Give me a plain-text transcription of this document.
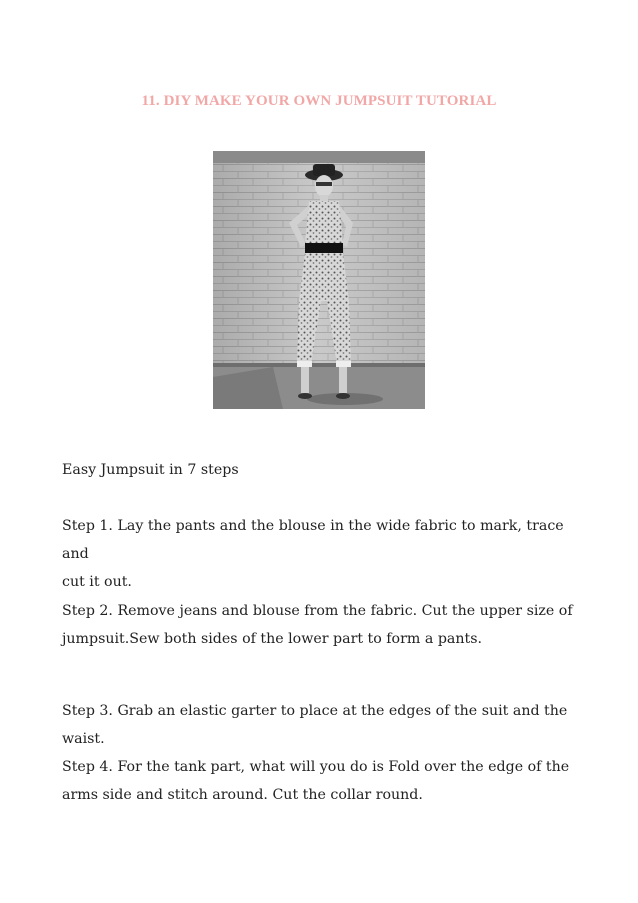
11. DIY MAKE YOUR OWN JUMPSUIT TUTORIAL

Easy Jumpsuit in 7 steps

Step 1. Lay the pants and the blouse in the wide fabric to mark, trace and

cut it out.

Step 2. Remove jeans and blouse from the fabric. Cut the upper size of

jumpsuit.Sew both sides of the lower part to form a pants.

Step 3. Grab an elastic garter to place at the edges of the suit and the waist.

Step 4. For the tank part, what will you do is Fold over the edge of the

arms side and stitch around. Cut the collar round.
